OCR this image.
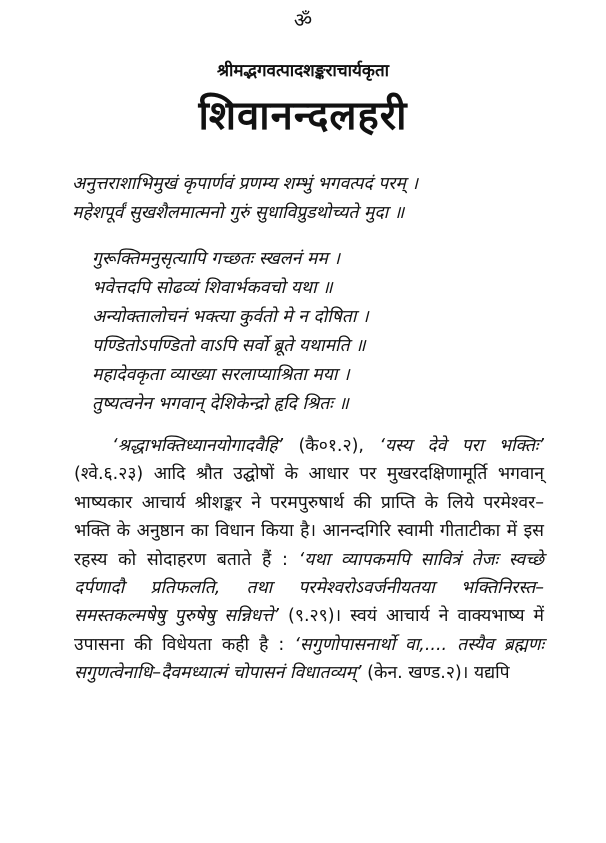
ॐ
श्रीमद्भगवत्पादशङ्कराचार्यकृता
शिवानन्दलहरी
अनुत्तराशाभिमुखं कृपार्णवं प्रणम्य शम्भुं भगवत्पदं परम् ।
महेशपूर्वं सुखशैलमात्मनो गुरुं सुधाविप्रुडथोच्यते मुदा ॥
गुरूक्तिमनुसृत्यापि गच्छतः स्खलनं मम ।
भवेत्तदपि सोढव्यं शिवार्भकवचो यथा ॥
अन्योक्तालोचनं भक्त्या कुर्वतो मे न दोषिता ।
पण्डितोऽपण्डितो वाऽपि सर्वो ब्रूते यथामति ॥
महादेवकृता व्याख्या सरलाप्याश्रिता मया ।
तुष्यत्वनेन भगवान् देशिकेन्द्रो हृदि श्रितः ॥

‘श्रद्धाभक्तिध्यानयोगादवैहि’ (कै०१.२), ‘यस्य देवे परा भक्तिः’ (श्वे.६.२३) आदि श्रौत उद्घोषों के आधार पर मुखरदक्षिणामूर्ति भगवान् भाष्यकार आचार्य श्रीशङ्कर ने परमपुरुषार्थ की प्राप्ति के लिये परमेश्वर–भक्ति के अनुष्ठान का विधान किया है। आनन्दगिरि स्वामी गीताटीका में इस रहस्य को सोदाहरण बताते हैं : ‘यथा व्यापकमपि सावित्रं तेजः स्वच्छे दर्पणादौ प्रतिफलति, तथा परमेश्वरोऽवर्जनीयतया भक्तिनिरस्त–समस्तकल्मषेषु पुरुषेषु सन्निधत्ते’ (९.२९)। स्वयं आचार्य ने वाक्यभाष्य में उपासना की विधेयता कही है : ‘सगुणोपासनार्थो वा,.... तस्यैव ब्रह्मणः सगुणत्वेनाधि–दैवमध्यात्मं चोपासनं विधातव्यम्’ (केन. खण्ड.२)। यद्यपि
